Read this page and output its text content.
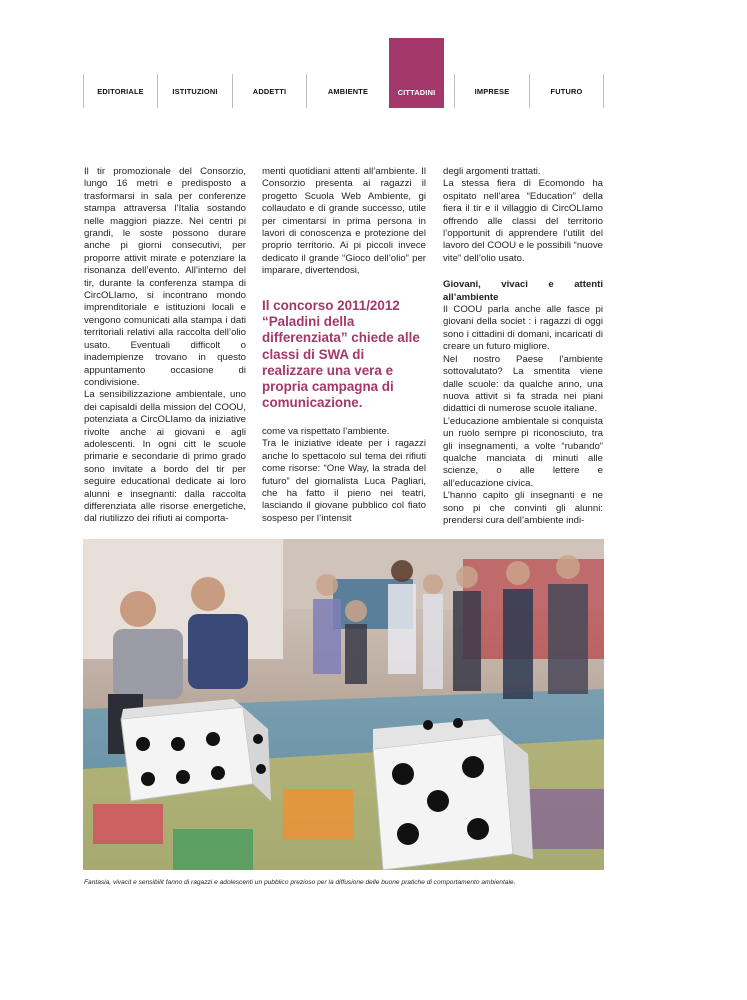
EDITORIALE	ISTITUZIONI	ADDETTI	AMBIENTE	CITTADINI	IMPRESE	FUTURO

Il tir promozionale del Consorzio, lungo 16 metri e predisposto a trasformarsi in sala per conferenze stampa attraversa l’Italia sostando nelle maggiori piazze. Nei centri pi grandi, le soste possono durare anche pi giorni consecutivi, per proporre attivit mirate e potenziare la risonanza dell’evento. All’interno del tir, durante la conferenza stampa di CircOLIamo, si incontrano mondo imprenditoriale e istituzioni locali e vengono comunicati alla stampa i dati territoriali relativi alla raccolta dell’olio usato. Eventuali difficolt o inadempienze trovano in questo appuntamento occasione di condivisione.

La sensibilizzazione ambientale, uno dei capisaldi della mission del COOU, potenziata a CircOLIamo da iniziative rivolte anche ai giovani e agli adolescenti. In ogni citt le scuole primarie e secondarie di primo grado sono invitate a bordo del tir per seguire educational dedicate ai loro alunni e insegnanti: dalla raccolta differenziata alle risorse energetiche, dal riutilizzo dei rifiuti ai comporta-

menti quotidiani attenti all’ambiente. Il Consorzio presenta ai ragazzi il progetto Scuola Web Ambiente, gi collaudato e di grande successo, utile per cimentarsi in prima persona in lavori di conoscenza e protezione del proprio territorio. Ai pi piccoli invece dedicato il grande “Gioco dell’olio” per imparare, divertendosi,

Il concorso 2011/2012 “Paladini della differenziata” chiede alle classi di SWA di realizzare una vera e propria campagna di comunicazione.

come va rispettato l’ambiente.

Tra le iniziative ideate per i ragazzi anche lo spettacolo sul tema dei rifiuti come risorse: “One Way, la strada del futuro” del giornalista Luca Pagliari, che ha fatto il pieno nei teatri, lasciando il giovane pubblico col fiato sospeso per l’intensit

degli argomenti trattati.

La stessa fiera di Ecomondo ha ospitato nell’area “Education” della fiera il tir e il villaggio di CircOLIamo offrendo alle classi del territorio l’opportunit di apprendere l’utilit del lavoro del COOU e le possibili “nuove vite” dell’olio usato.

Giovani, vivaci e attenti all’ambiente

Il COOU parla anche alle fasce pi giovani della societ : i ragazzi di oggi sono i cittadini di domani, incaricati di creare un futuro migliore.

Nel nostro Paese l’ambiente sottovalutato? La smentita viene dalle scuole: da qualche anno, una nuova attivit si fa strada nei piani didattici di numerose scuole italiane.

L’educazione ambientale si conquista un ruolo sempre pi riconosciuto, tra gli insegnamenti, a volte “rubando” qualche manciata di minuti alle scienze, o alle lettere e all’educazione civica.

L’hanno capito gli insegnanti e ne sono pi che convinti gli alunni: prendersi cura dell’ambiente indi-

Fantasia, vivacit e sensibilit fanno di ragazzi e adolescenti un pubblico prezioso per la diffusione delle buone pratiche di comportamento ambientale.
